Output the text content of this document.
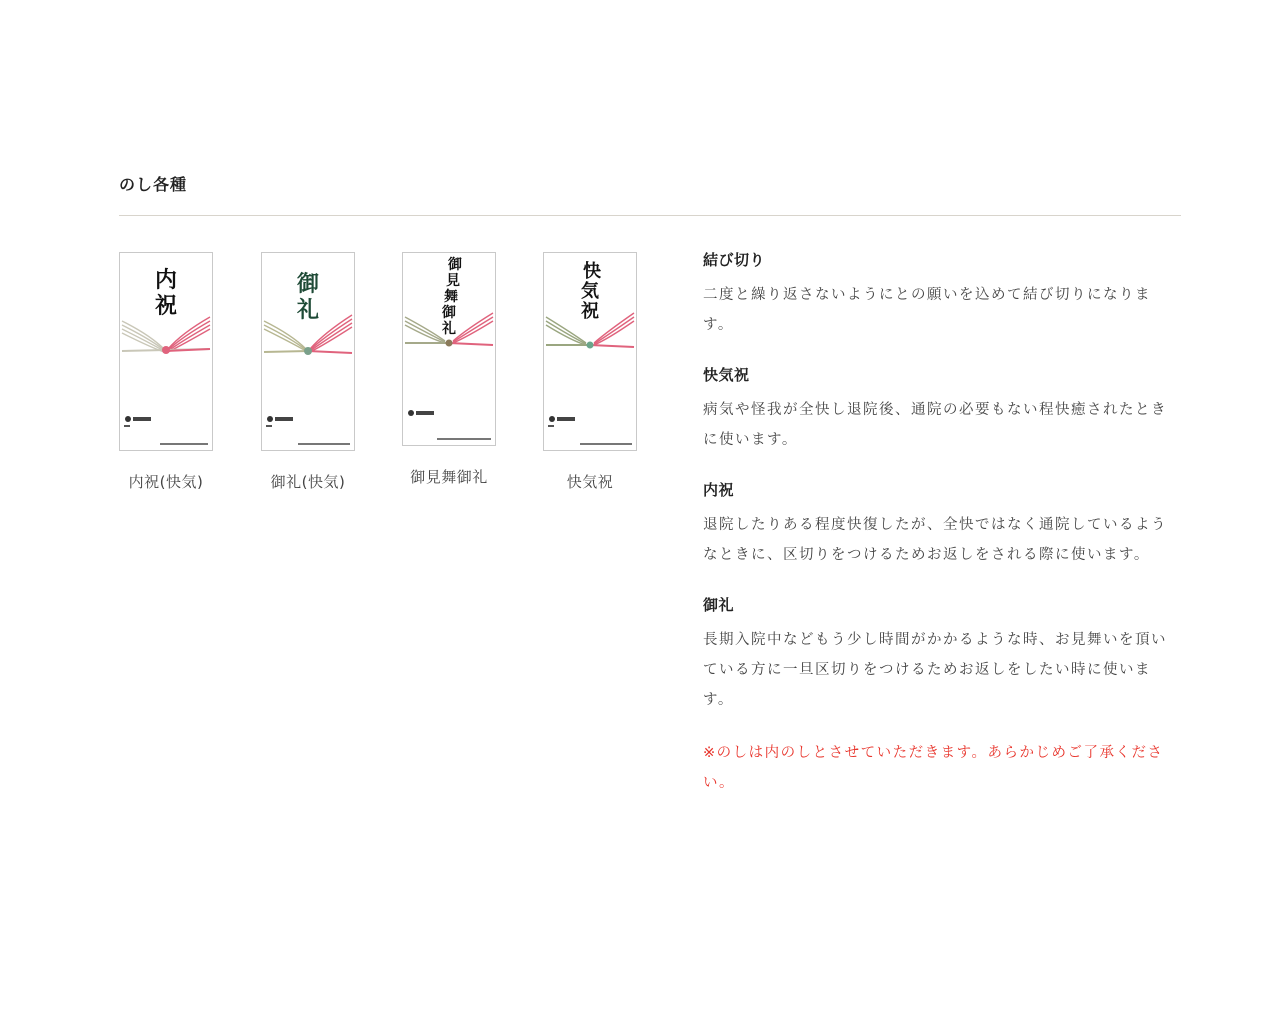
のし各種
内
祝
内祝(快気)
御
礼
御礼(快気)
御
見
舞
御
礼
御見舞御礼
快
気
祝
快気祝
結び切り
二度と繰り返さないようにとの願いを込めて結び切りになります。
快気祝
病気や怪我が全快し退院後、通院の必要もない程快癒されたときに使います。
内祝
退院したりある程度快復したが、全快ではなく通院しているようなときに、区切りをつけるためお返しをされる際に使います。
御礼
長期入院中などもう少し時間がかかるような時、お見舞いを頂いている方に一旦区切りをつけるためお返しをしたい時に使います。
※のしは内のしとさせていただきます。あらかじめご了承ください。
